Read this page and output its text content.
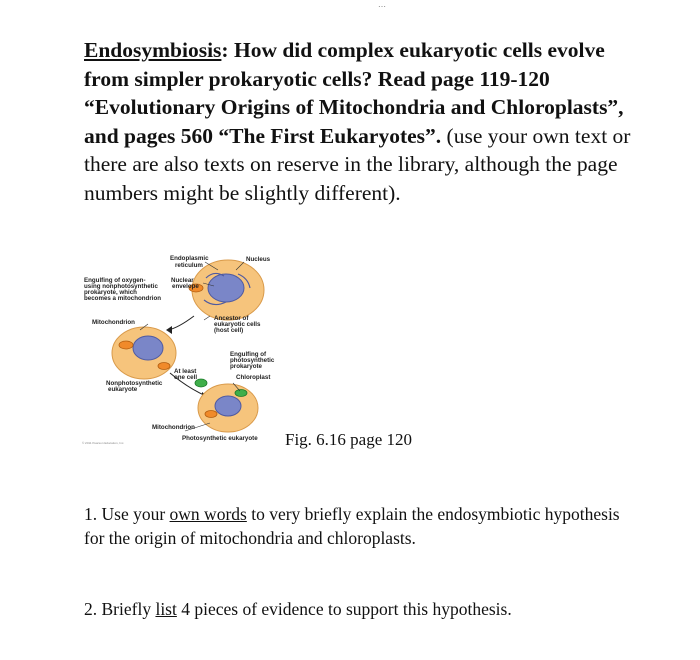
…
Endosymbiosis: How did complex eukaryotic cells evolve from simpler prokaryotic cells? Read page 119-120 “Evolutionary Origins of Mitochondria and Chloroplasts”, and pages 560 “The First Eukaryotes”. (use your own text or there are also texts on reserve in the library, although the page numbers might be slightly different).
Endoplasmic
reticulum
Nucleus
Engulfing of oxygen-
using nonphotosynthetic
prokaryote, which
becomes a mitochondrion
Nuclear
envelope
Mitochondrion
Ancestor of
eukaryotic cells
(host cell)
Engulfing of
photosynthetic
prokaryote
Chloroplast
At least
one cell
Nonphotosynthetic
eukaryote
Mitochondrion
Photosynthetic eukaryote
© 2011 Pearson Education, Inc.	Fig. 6.16 page 120
1. Use your own words to very briefly explain the endosymbiotic hypothesis for the origin of mitochondria and chloroplasts.
2. Briefly list 4 pieces of evidence to support this hypothesis.
